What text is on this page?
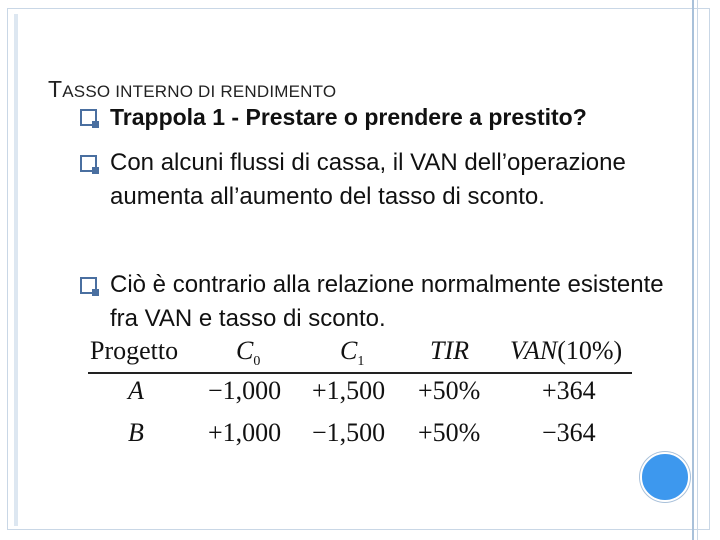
TASSO INTERNO DI RENDIMENTO
Trappola 1 - Prestare o prendere a prestito?
Con alcuni flussi di cassa, il VAN dell’operazione aumenta all’aumento del tasso di sconto.
Ciò è contrario alla relazione normalmente esistente fra VAN e tasso di sconto.
Progetto $C_0$	$C_1$	TIR VAN(10%)
A −1,000 +1,500 +50% +364
B +1,000 −1,500 +50% −364
